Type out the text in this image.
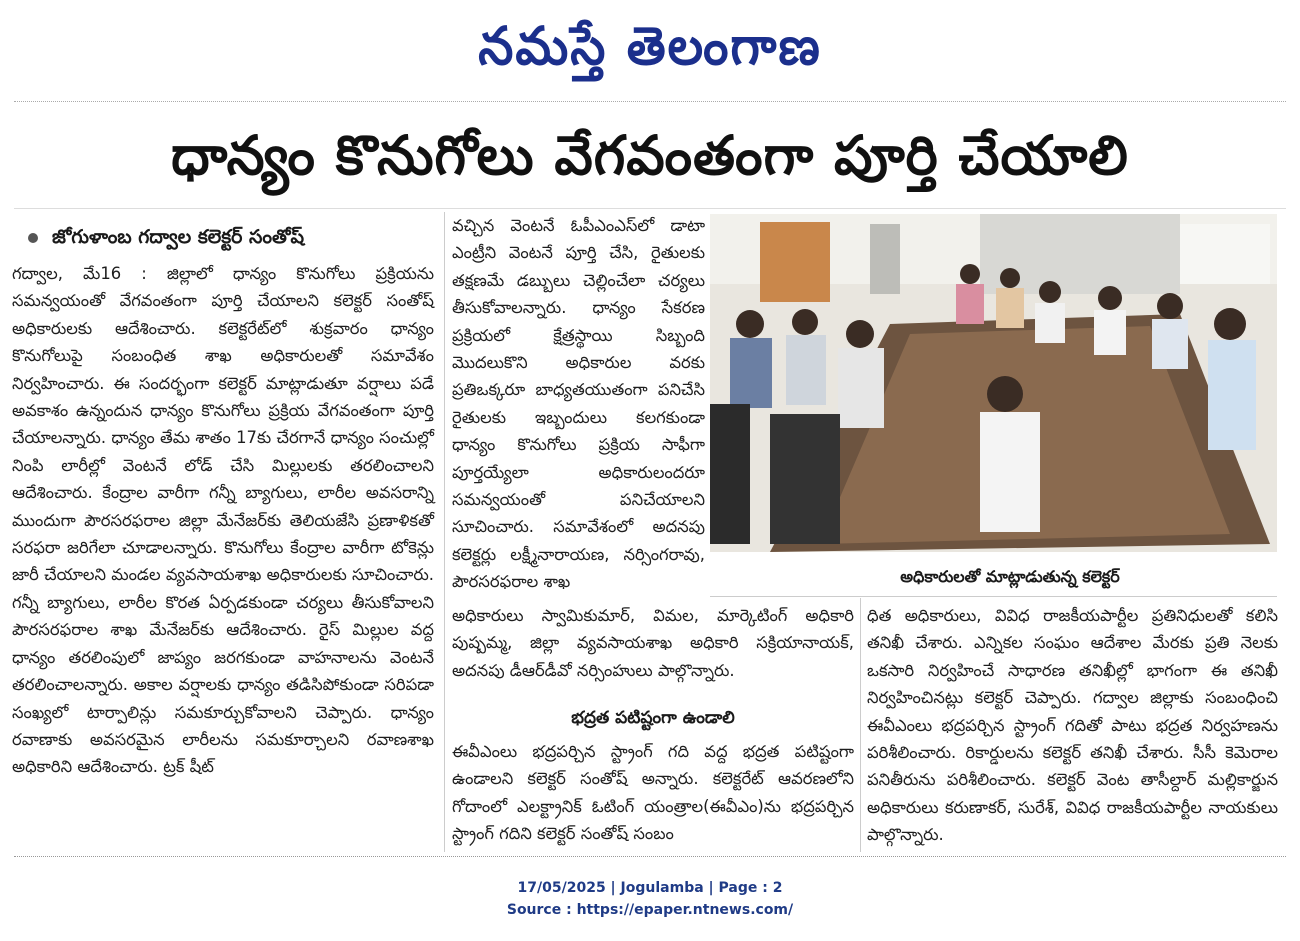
నమస్తే తెలంగాణ
ధాన్యం కొనుగోలు వేగవంతంగా పూర్తి చేయాలి
జోగుళాంబ గద్వాల కలెక్టర్ సంతోష్

గద్వాల, మే16 : జిల్లాలో ధాన్యం కొనుగోలు ప్రక్రియను సమన్వయంతో వేగవంతంగా పూర్తి చేయాలని కలెక్టర్ సంతోష్ అధికారులకు ఆదేశించారు. కలెక్టరేట్‌లో శుక్రవారం ధాన్యం కొనుగోలుపై సంబంధిత శాఖ అధికారులతో సమావేశం నిర్వహించారు. ఈ సందర్భంగా కలెక్టర్ మాట్లాడుతూ వర్షాలు పడే అవకాశం ఉన్నందున ధాన్యం కొనుగోలు ప్రక్రియ వేగవంతంగా పూర్తి చేయాలన్నారు. ధాన్యం తేమ శాతం 17కు చేరగానే ధాన్యం సంచుల్లో నింపి లారీల్లో వెంటనే లోడ్ చేసి మిల్లులకు తరలించాలని ఆదేశించారు. కేంద్రాల వారీగా గన్నీ బ్యాగులు, లారీల అవసరాన్ని ముందుగా పౌరసరఫరాల జిల్లా మేనేజర్‌కు తెలియజేసి ప్రణాళికతో సరఫరా జరిగేలా చూడాలన్నారు. కొనుగోలు కేంద్రాల వారీగా టోకెన్లు జారీ చేయాలని మండల వ్యవసాయశాఖ అధికారులకు సూచించారు. గన్నీ బ్యాగులు, లారీల కొరత ఏర్పడకుండా చర్యలు తీసుకోవాలని పౌరసరఫరాల శాఖ మేనేజర్‌కు ఆదేశించారు. రైస్ మిల్లుల వద్ద ధాన్యం తరలింపులో జాప్యం జరగకుండా వాహనాలను వెంటనే తరలించాలన్నారు. అకాల వర్షాలకు ధాన్యం తడిసిపోకుండా సరిపడా సంఖ్యలో టార్పాలిన్లు సమకూర్చుకోవాలని చెప్పారు. ధాన్యం రవాణాకు అవసరమైన లారీలను సమకూర్చాలని రవాణశాఖ అధికారిని ఆదేశించారు. ట్రక్ షీట్

వచ్చిన వెంటనే ఓపీఎంఎస్‌లో డాటా ఎంట్రీని వెంటనే పూర్తి చేసి, రైతులకు తక్షణమే డబ్బులు చెల్లించేలా చర్యలు తీసుకోవాలన్నారు. ధాన్యం సేకరణ ప్రక్రియలో క్షేత్రస్థాయి సిబ్బంది మొదలుకొని అధికారుల వరకు ప్రతిఒక్కరూ బాధ్యతయుతంగా పనిచేసి రైతులకు ఇబ్బందులు కలగకుండా ధాన్యం కొనుగోలు ప్రక్రియ సాఫీగా పూర్తయ్యేలా అధికారులందరూ సమన్వయంతో పనిచేయాలని సూచించారు. సమావేశంలో అదనపు కలెక్టర్లు లక్ష్మీనారాయణ, నర్సింగరావు, పౌరసరఫరాల శాఖ	అధికారులతో మాట్లాడుతున్న కలెక్టర్

అధికారులు స్వామికుమార్, విమల, మార్కెటింగ్ అధికారి పుష్పమ్మ, జిల్లా వ్యవసాయశాఖ అధికారి సక్రియానాయక్, అదనపు డీఆర్‌డీవో నర్సింహులు పాల్గొన్నారు.

భద్రత పటిష్టంగా ఉండాలి

ఈవీఎంలు భద్రపర్చిన స్ట్రాంగ్ గది వద్ద భద్రత పటిష్టంగా ఉండాలని కలెక్టర్ సంతోష్ అన్నారు. కలెక్టరేట్ ఆవరణలోని గోదాంలో ఎలక్ట్రానిక్ ఓటింగ్ యంత్రాల(ఈవీఎం)ను భద్రపర్చిన స్ట్రాంగ్ గదిని కలెక్టర్ సంతోష్ సంబం

ధిత అధికారులు, వివిధ రాజకీయపార్టీల ప్రతినిధులతో కలిసి తనిఖీ చేశారు. ఎన్నికల సంఘం ఆదేశాల మేరకు ప్రతి నెలకు ఒకసారి నిర్వహించే సాధారణ తనిఖీల్లో భాగంగా ఈ తనిఖీ నిర్వహించినట్లు కలెక్టర్ చెప్పారు. గద్వాల జిల్లాకు సంబంధించి ఈవీఎంలు భద్రపర్చిన స్ట్రాంగ్ గదితో పాటు భద్రత నిర్వహణను పరిశీలించారు. రికార్డులను కలెక్టర్ తనిఖీ చేశారు. సీసీ కెమెరాల పనితీరును పరిశీలించారు. కలెక్టర్ వెంట తాసీల్దార్ మల్లికార్జున అధికారులు కరుణాకర్, సురేశ్, వివిధ రాజకీయపార్టీల నాయకులు పాల్గొన్నారు.

17/05/2025 | Jogulamba | Page : 2
Source : https://epaper.ntnews.com/
